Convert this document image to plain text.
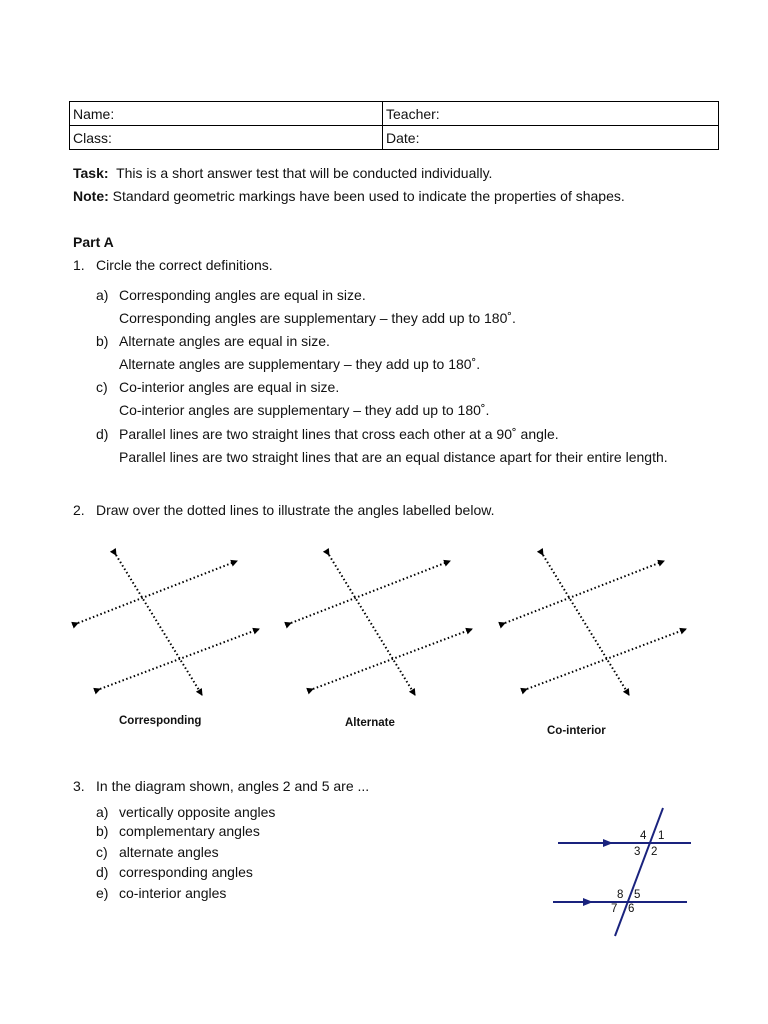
Name:	Teacher:
Class:	Date:
Task: This is a short answer test that will be conducted individually.
Note: Standard geometric markings have been used to indicate the properties of shapes.
Part A
1. Circle the correct definitions.
a) Corresponding angles are equal in size.
Corresponding angles are supplementary – they add up to 180˚.
b) Alternate angles are equal in size.
Alternate angles are supplementary – they add up to 180˚.
c) Co-interior angles are equal in size.
Co-interior angles are supplementary – they add up to 180˚.
d) Parallel lines are two straight lines that cross each other at a 90˚ angle.
Parallel lines are two straight lines that are an equal distance apart for their entire length.
2. Draw over the dotted lines to illustrate the angles labelled below.
Corresponding	Alternate
Co-interior
3. In the diagram shown, angles 2 and 5 are ...
a) vertically opposite angles
b) complementary angles
c) alternate angles
d) corresponding angles
e) co-interior angles
4 1
3 2
8 5
7 6
